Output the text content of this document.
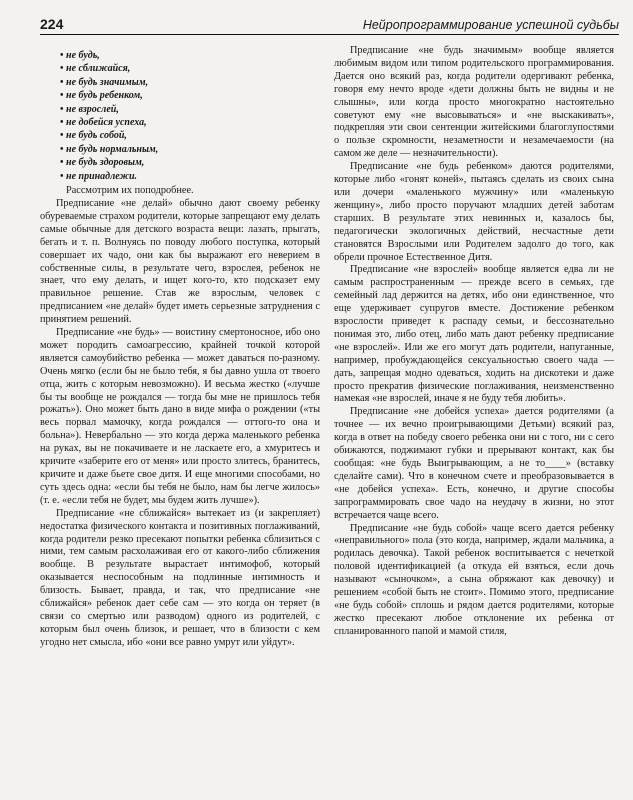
224	Нейропрограммирование успешной судьбы
• не будь,
• не сближайся,
• не будь значимым,
• не будь ребенком,
• не взрослей,
• не добейся успеха,
• не будь собой,
• не будь нормальным,
• не будь здоровым,
• не принадлежи.

Рассмотрим их поподробнее.

Предписание «не делай» обычно дают своему ребенку обуреваемые страхом родители, которые запрещают ему делать самые обычные для детского возраста вещи: лазать, прыгать, бегать и т. п. Волнуясь по поводу любого поступка, который совершает их чадо, они как бы выражают его неверием в собственные силы, в результате чего, взрослея, ребенок не знает, что ему делать, и ищет кого-то, кто подсказет ему правильное решение. Став же взрослым, человек с предписанием «не делай» будет иметь серьезные затруднения с принятием решений.

Предписание «не будь» — воистину смертоносное, ибо оно может породить самоагрессию, крайней точкой которой является самоубийство ребенка — может даваться по-разному. Очень мягко (если бы не было тебя, я бы давно ушла от твоего отца, жить с которым невозможно). И весьма жестко («лучше бы ты вообще не рождался — тогда бы мне не пришлось тебя рожать»). Оно может быть дано в виде мифа о рождении («ты весь порвал мамочку, когда рождался — оттого-то она и больна»). Невербально — это когда держа маленького ребенка на руках, вы не покачиваете и не ласкаете его, а хмуритесь и кричите «заберите его от меня» или просто злитесь, бранитесь, кричите и даже бьете свое дитя. И еще многими способами, но суть здесь одна: «если бы тебя не было, нам бы легче жилось» (т. е. «если тебя не будет, мы будем жить лучше»).

Предписание «не сближайся» вытекает из (и закрепляет) недостатка физического контакта и позитивных поглаживаний, когда родители резко пресекают попытки ребенка сблизиться с ними, тем самым расхолаживая его от какого-либо сближения вообще. В результате вырастает интимофоб, который оказывается неспособным на подлинные интимность и близость. Бывает, правда, и так, что предписание «не сближайся» ребенок дает себе сам — это когда он теряет (в связи со смертью или разводом) одного из родителей, с которым был очень близок, и решает, что в близости с кем угодно нет смысла, ибо «они все равно умрут или уйдут».

Предписание «не будь значимым» вообще является любимым видом или типом родительского программирования. Дается оно всякий раз, когда родители одергивают ребенка, говоря ему нечто вроде «дети должны быть не видны и не слышны», или когда просто многократно настоятельно советуют ему «не высовываться» и «не выскакивать», подкрепляя эти свои сентенции житейскими благоглупостями о пользе скромности, незаметности и незамечаемости (на самом же деле — незначительности).

Предписание «не будь ребенком» даются родителями, которые либо «гонят коней», пытаясь сделать из своих сына или дочери «маленького мужчину» или «маленькую женщину», либо просто поручают младших детей заботам старших. В результате этих невинных и, казалось бы, педагогически экологичных действий, несчастные дети становятся Взрослыми или Родителем задолго до того, как обрели прочное Естественное Дитя.

Предписание «не взрослей» вообще является едва ли не самым распространенным — прежде всего в семьях, где семейный лад держится на детях, ибо они единственное, что еще удерживает супругов вместе. Достижение ребенком взрослости приведет к распаду семьи, и бессознательно понимая это, либо отец, либо мать дают ребенку предписание «не взрослей». Или же его могут дать родители, напуганные, например, пробуждающейся сексуальностью своего чада — дать, запрещая модно одеваться, ходить на дискотеки и даже просто прекратив физические поглаживания, неизменственно намекая «не взрослей, иначе я не буду тебя любить».

Предписание «не добейся успеха» дается родителями (а точнее — их вечно проигрывающими Детьми) всякий раз, когда в ответ на победу своего ребенка они ни с того, ни с сего обижаются, поджимают губки и прерывают контакт, как бы сообщая: «не будь Выигрывающим, а не то____» (вставку сделайте сами). Что в конечном счете и преобразовывается в «не добейся успеха». Есть, конечно, и другие способы запрограммировать свое чадо на неудачу в жизни, но этот встречается чаще всего.

Предписание «не будь собой» чаще всего дается ребенку «неправильного» пола (это когда, например, ждали мальчика, а родилась девочка). Такой ребенок воспитывается с нечеткой половой идентификацией (а откуда ей взяться, если дочь называют «сыночком», а сына обряжают как девочку) и решением «собой быть не стоит». Помимо этого, предписание «не будь собой» сплошь и рядом дается родителями, которые жестко пресекают любое отклонение их ребенка от спланированного папой и мамой стиля,
